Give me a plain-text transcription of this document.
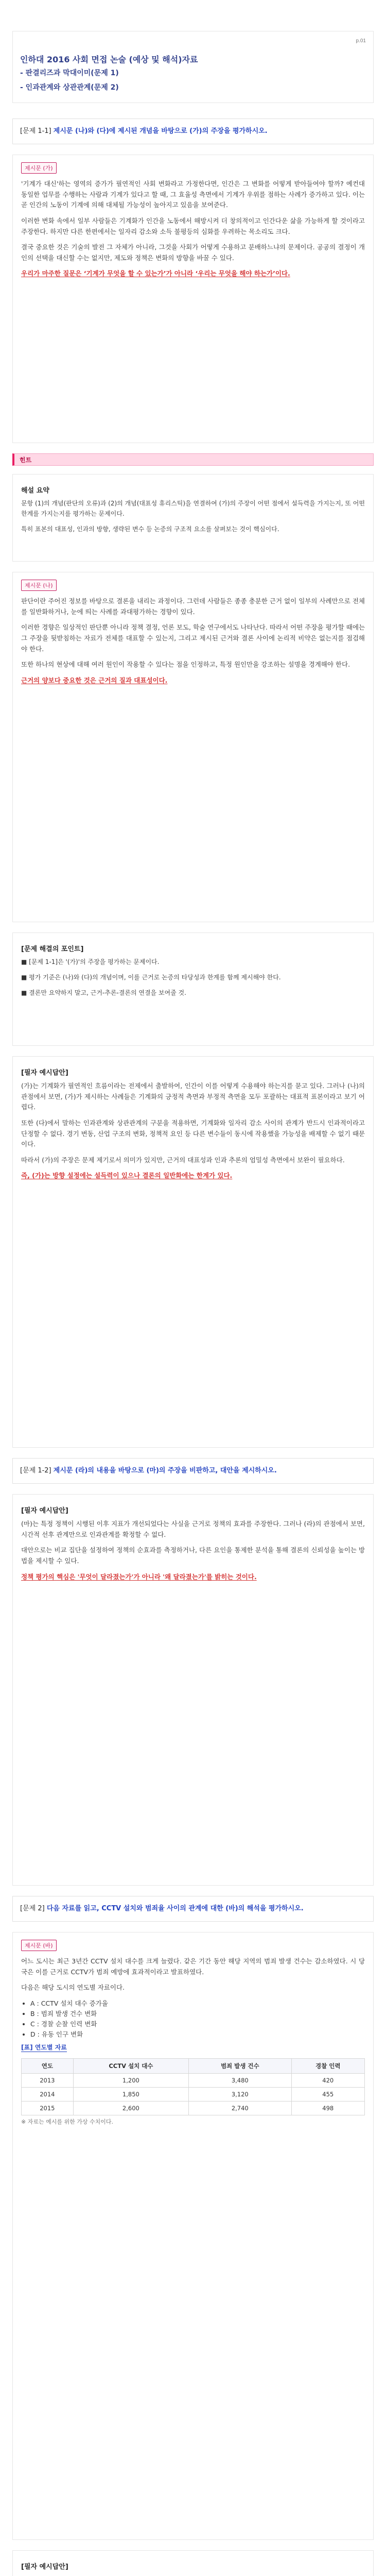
p.01
인하대 2016 사회 면접 논술 (예상 및 해석)자료
- 판결리즈과 막대이미(문제 1)
- 인과관계와 상관관계(문제 2)
[문제 1-1] 제시문 (나)와 (다)에 제시된 개념을 바탕으로 (가)의 주장을 평가하시오.
제시문 (가)

'기계가 대신'하는 영역의 증가가 필연적인 사회 변화라고 가정한다면, 인간은 그 변화를 어떻게 받아들여야 할까? 예컨대 동일한 업무를 수행하는 사람과 기계가 있다고 할 때, 그 효율성 측면에서 기계가 우위를 점하는 사례가 증가하고 있다. 이는 곧 인간의 노동이 기계에 의해 대체될 가능성이 높아지고 있음을 보여준다.

이러한 변화 속에서 일부 사람들은 기계화가 인간을 노동에서 해방시켜 더 창의적이고 인간다운 삶을 가능하게 할 것이라고 주장한다. 하지만 다른 한편에서는 일자리 감소와 소득 불평등의 심화를 우려하는 목소리도 크다.

결국 중요한 것은 기술의 발전 그 자체가 아니라, 그것을 사회가 어떻게 수용하고 분배하느냐의 문제이다. 공공의 결정이 개인의 선택을 대신할 수는 없지만, 제도와 정책은 변화의 방향을 바꿀 수 있다.

우리가 마주한 질문은 ‘기계가 무엇을 할 수 있는가’가 아니라 ‘우리는 무엇을 해야 하는가’이다.

힌트
해설 요약

문항 (1)의 개념(판단의 오류)과 (2)의 개념(대표성 휴리스틱)을 연결하여 (가)의 주장이 어떤 점에서 설득력을 가지는지, 또 어떤 한계를 가지는지를 평가하는 문제이다.

특히 표본의 대표성, 인과의 방향, 생략된 변수 등 논증의 구조적 요소를 살펴보는 것이 핵심이다.

제시문 (나)

판단이란 주어진 정보를 바탕으로 결론을 내리는 과정이다. 그런데 사람들은 종종 충분한 근거 없이 일부의 사례만으로 전체를 일반화하거나, 눈에 띄는 사례를 과대평가하는 경향이 있다.

이러한 경향은 일상적인 판단뿐 아니라 정책 결정, 언론 보도, 학술 연구에서도 나타난다. 따라서 어떤 주장을 평가할 때에는 그 주장을 뒷받침하는 자료가 전체를 대표할 수 있는지, 그리고 제시된 근거와 결론 사이에 논리적 비약은 없는지를 점검해야 한다.

또한 하나의 현상에 대해 여러 원인이 작용할 수 있다는 점을 인정하고, 특정 원인만을 강조하는 설명을 경계해야 한다.

근거의 양보다 중요한 것은 근거의 질과 대표성이다.

[문제 해결의 포인트]

■ [문제 1-1]은 '(가)'의 주장을 평가하는 문제이다.

■ 평가 기준은 (나)와 (다)의 개념이며, 이를 근거로 논증의 타당성과 한계를 함께 제시해야 한다.

■ 결론만 요약하지 말고, 근거-추론-결론의 연결을 보여줄 것.

[필자 예시답안]

(가)는 기계화가 필연적인 흐름이라는 전제에서 출발하여, 인간이 이를 어떻게 수용해야 하는지를 묻고 있다. 그러나 (나)의 관점에서 보면, (가)가 제시하는 사례들은 기계화의 긍정적 측면과 부정적 측면을 모두 포괄하는 대표적 표본이라고 보기 어렵다.

또한 (다)에서 말하는 인과관계와 상관관계의 구분을 적용하면, 기계화와 일자리 감소 사이의 관계가 반드시 인과적이라고 단정할 수 없다. 경기 변동, 산업 구조의 변화, 정책적 요인 등 다른 변수들이 동시에 작용했을 가능성을 배제할 수 없기 때문이다.

따라서 (가)의 주장은 문제 제기로서 의미가 있지만, 근거의 대표성과 인과 추론의 엄밀성 측면에서 보완이 필요하다.

즉, (가)는 방향 설정에는 설득력이 있으나 결론의 일반화에는 한계가 있다.

[문제 1-2] 제시문 (라)의 내용을 바탕으로 (마)의 주장을 비판하고, 대안을 제시하시오.
[필자 예시답안]

(마)는 특정 정책이 시행된 이후 지표가 개선되었다는 사실을 근거로 정책의 효과를 주장한다. 그러나 (라)의 관점에서 보면, 시간적 선후 관계만으로 인과관계를 확정할 수 없다.

대안으로는 비교 집단을 설정하여 정책의 순효과를 측정하거나, 다른 요인을 통제한 분석을 통해 결론의 신뢰성을 높이는 방법을 제시할 수 있다.

정책 평가의 핵심은 '무엇이 달라졌는가'가 아니라 '왜 달라졌는가'를 밝히는 것이다.

[문제 2] 다음 자료를 읽고, CCTV 설치와 범죄율 사이의 관계에 대한 (바)의 해석을 평가하시오.
제시문 (바)

어느 도시는 최근 3년간 CCTV 설치 대수를 크게 늘렸다. 같은 기간 동안 해당 지역의 범죄 발생 건수는 감소하였다. 시 당국은 이를 근거로 CCTV가 범죄 예방에 효과적이라고 발표하였다.

다음은 해당 도시의 연도별 자료이다.

• A : CCTV 설치 대수 증가율
• B : 범죄 발생 건수 변화
• C : 경찰 순찰 인력 변화
• D : 유동 인구 변화
[표] 연도별 자료
연도	CCTV 설치 대수	범죄 발생 건수	경찰 인력
2013	1,200	3,480	420
2014	1,850	3,120	455
2015	2,600	2,740	498
※ 자료는 예시를 위한 가상 수치이다.
[필자 예시답안]
